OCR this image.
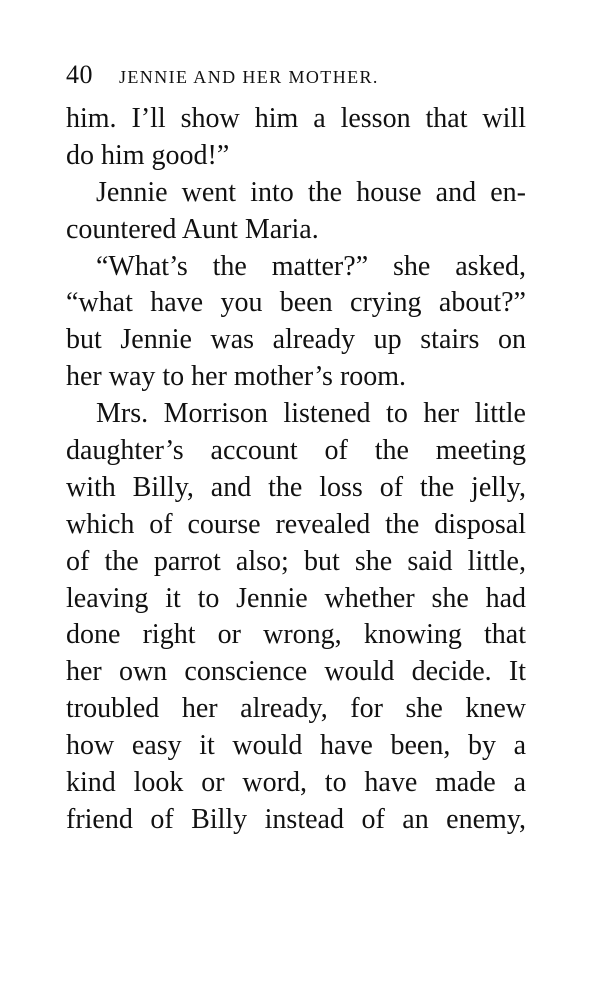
40 JENNIE AND HER MOTHER.
him. I’ll show him a lesson that will
do him good!”
Jennie went into the house and en-
countered Aunt Maria.
“What’s the matter?” she asked,
“what have you been crying about?”
but Jennie was already up stairs on
her way to her mother’s room.
Mrs. Morrison listened to her little
daughter’s account of the meeting
with Billy, and the loss of the jelly,
which of course revealed the disposal
of the parrot also; but she said little,
leaving it to Jennie whether she had
done right or wrong, knowing that
her own conscience would decide. It
troubled her already, for she knew
how easy it would have been, by a
kind look or word, to have made a
friend of Billy instead of an enemy,
